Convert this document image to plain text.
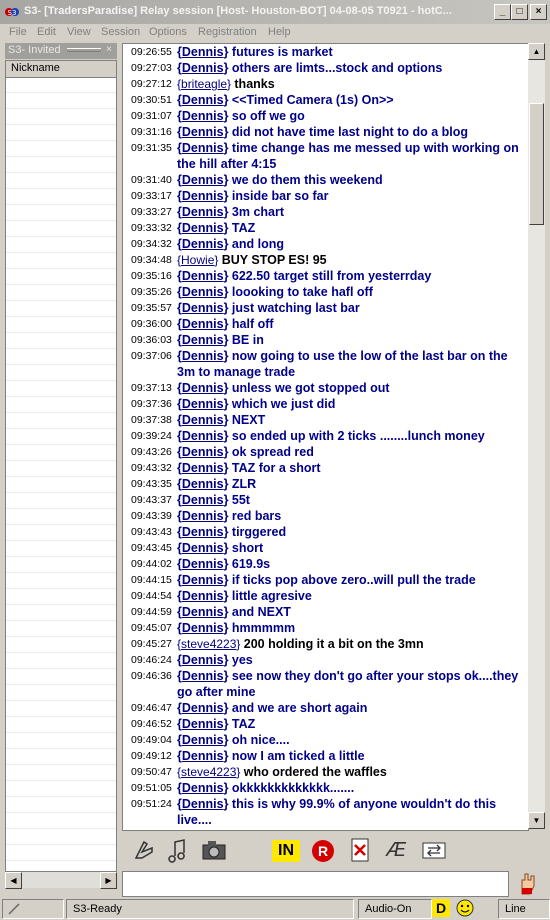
S3 S3- [TradersParadise] Relay session [Host- Houston-BOT] 04-08-05 T0921 - hotC...	_	□	×
File Edit View Session Options Registration Help
S3- Invited	×
Nickname
◀	▶
09:26:55 {Dennis} futures is market
09:27:03 {Dennis} others are limts...stock and options
09:27:12 {briteagle} thanks
09:30:51 {Dennis} <<Timed Camera (1s) On>>
09:31:07 {Dennis} so off we go
09:31:16 {Dennis} did not have time last night to do a blog
09:31:35 {Dennis} time change has me messed up with working on the hill after 4:15
09:31:40 {Dennis} we do them this weekend
09:33:17 {Dennis} inside bar so far
09:33:27 {Dennis} 3m chart
09:33:32 {Dennis} TAZ
09:34:32 {Dennis} and long
09:34:48 {Howie} BUY STOP ES! 95
09:35:16 {Dennis} 622.50 target still from yesterrday
09:35:26 {Dennis} loooking to take hafl off
09:35:57 {Dennis} just watching last bar
09:36:00 {Dennis} half off
09:36:03 {Dennis} BE in
09:37:06 {Dennis} now going to use the low of the last bar on the 3m to manage trade
09:37:13 {Dennis} unless we got stopped out
09:37:36 {Dennis} which we just did
09:37:38 {Dennis} NEXT
09:39:24 {Dennis} so ended up with 2 ticks ........lunch money
09:43:26 {Dennis} ok spread red
09:43:32 {Dennis} TAZ for a short
09:43:35 {Dennis} ZLR
09:43:37 {Dennis} 55t
09:43:39 {Dennis} red bars
09:43:43 {Dennis} tirggered
09:43:45 {Dennis} short
09:44:02 {Dennis} 619.9s
09:44:15 {Dennis} if ticks pop above zero..will pull the trade
09:44:54 {Dennis} little agresive
09:44:59 {Dennis} and NEXT
09:45:07 {Dennis} hmmmmm
09:45:27 {steve4223} 200 holding it a bit on the 3mn
09:46:24 {Dennis} yes
09:46:36 {Dennis} see now they don't go after your stops ok....they go after mine
09:46:47 {Dennis} and we are short again
09:46:52 {Dennis} TAZ
09:49:04 {Dennis} oh nice....
09:49:12 {Dennis} now I am ticked a little
09:50:47 {steve4223} who ordered the waffles
09:51:05 {Dennis} okkkkkkkkkkkkk.......
09:51:24 {Dennis} this is why 99.9% of anyone wouldn't do this live....
▲
▼
IN	R	Æ
S3-Ready	Audio-On	D	Line
